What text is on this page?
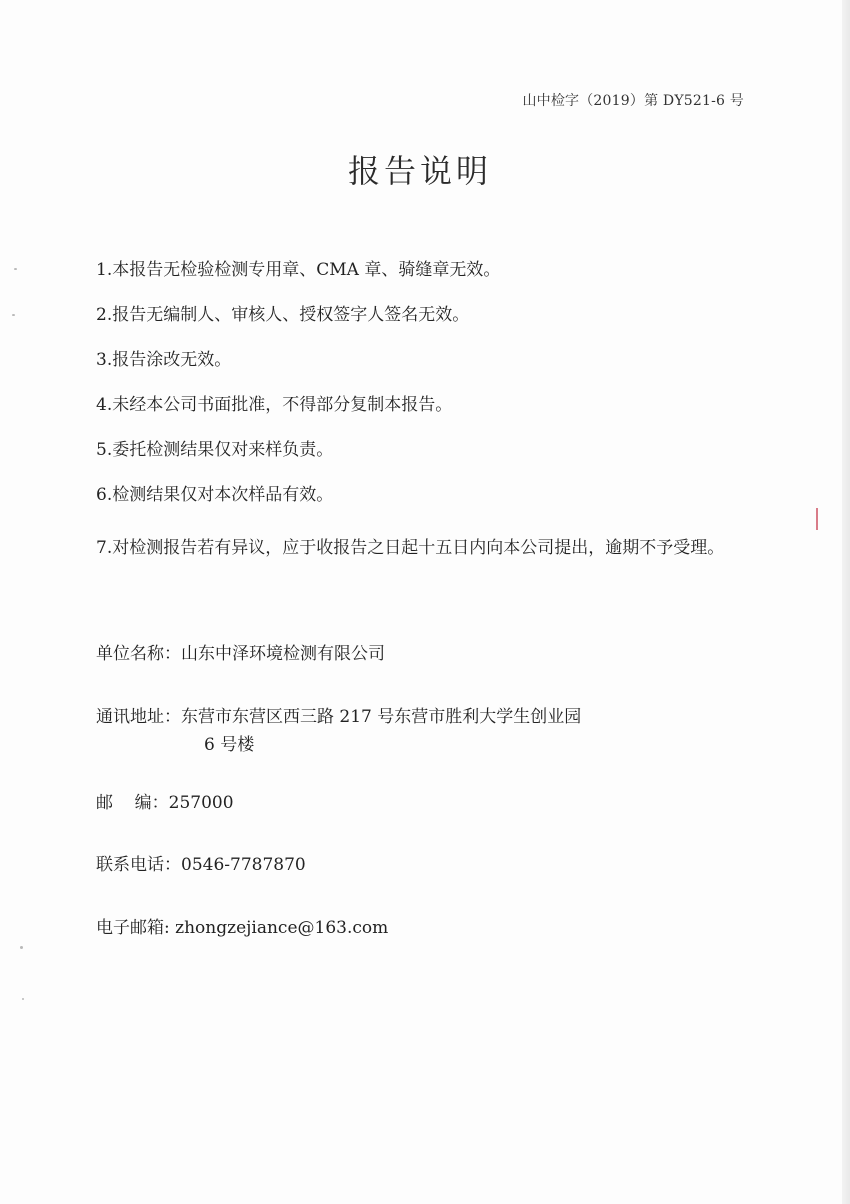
山中检字（2019）第 DY521-6 号
报告说明
1.本报告无检验检测专用章、CMA 章、骑缝章无效。
2.报告无编制人、审核人、授权签字人签名无效。
3.报告涂改无效。
4.未经本公司书面批准，不得部分复制本报告。
5.委托检测结果仅对来样负责。
6.检测结果仅对本次样品有效。
7.对检测报告若有异议，应于收报告之日起十五日内向本公司提出，逾期不予受理。
单位名称：山东中泽环境检测有限公司
通讯地址：东营市东营区西三路 217 号东营市胜利大学生创业园
6 号楼
邮    编：257000
联系电话：0546-7787870
电子邮箱: zhongzejiance@163.com
